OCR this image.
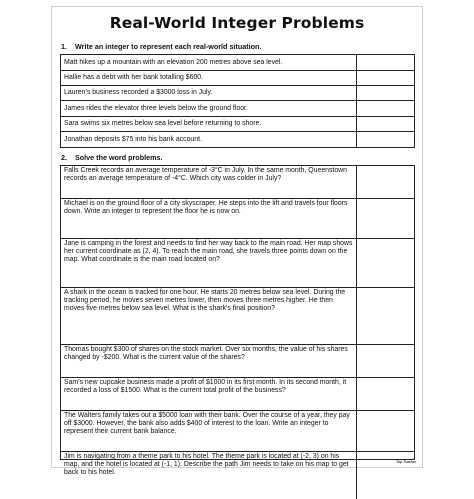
Real-World Integer Problems
1. Write an integer to represent each real-world situation.
Matt hikes up a mountain with an elevation 200 metres above sea level.
Hallie has a debt with her bank totalling $600.
Lauren’s business recorded a $3000 loss in July.
James rides the elevator three levels below the ground floor.
Sara swims six metres below sea level before returning to shore.
Jonathan deposits $75 into his bank account.
2. Solve the word problems.
Falls Creek records an average temperature of -3°C in July. In the same month, Queenstown records an average temperature of -4°C. Which city was colder in July?
Michael is on the ground floor of a city skyscraper. He steps into the lift and travels four floors down. Write an integer to represent the floor he is now on.
Jane is camping in the forest and needs to find her way back to the main road. Her map shows her current coordinate as (2, 4). To reach the main road, she travels three points down on the map. What coordinate is the main road located on?
A shark in the ocean is tracked for one hour. He starts 20 metres below sea level. During the tracking period, he moves seven metres lower, then moves three metres higher. He then moves five metres below sea level. What is the shark’s final position?
Thomas bought $300 of shares on the stock market. Over six months, the value of his shares changed by -$200. What is the current value of the shares?
Sam’s new cupcake business made a profit of $1000 in its first month. In its second month, it recorded a loss of $1500. What is the current total profit of the business?
The Walters family takes out a $5000 loan with their bank. Over the course of a year, they pay off $3000. However, the bank also adds $400 of interest to the loan. Write an integer to represent their current bank balance.
Jim is navigating from a theme park to his hotel. The theme park is located at (-2, 3) on his map, and the hotel is located at (-1, 1). Describe the path Jim needs to take on his map to get back to his hotel.
Top Teacher
